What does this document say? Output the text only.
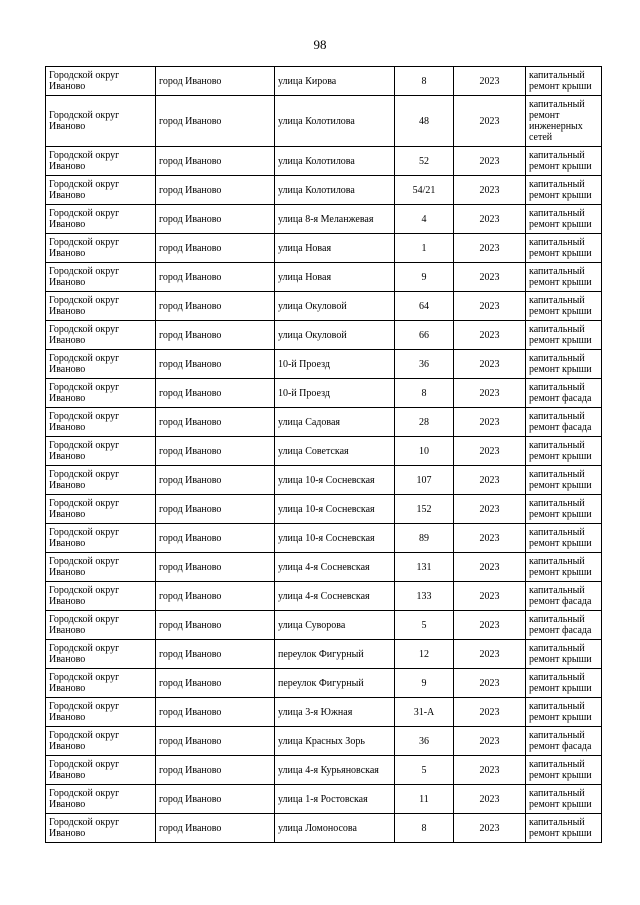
98
Городской округ Иваново	город Иваново	улица Кирова	8	2023	капитальный ремонт крыши
Городской округ Иваново	город Иваново	улица Колотилова	48	2023	капитальный ремонт инженерных сетей
Городской округ Иваново	город Иваново	улица Колотилова	52	2023	капитальный ремонт крыши
Городской округ Иваново	город Иваново	улица Колотилова	54/21	2023	капитальный ремонт крыши
Городской округ Иваново	город Иваново	улица 8-я Меланжевая	4	2023	капитальный ремонт крыши
Городской округ Иваново	город Иваново	улица Новая	1	2023	капитальный ремонт крыши
Городской округ Иваново	город Иваново	улица Новая	9	2023	капитальный ремонт крыши
Городской округ Иваново	город Иваново	улица Окуловой	64	2023	капитальный ремонт крыши
Городской округ Иваново	город Иваново	улица Окуловой	66	2023	капитальный ремонт крыши
Городской округ Иваново	город Иваново	10-й Проезд	36	2023	капитальный ремонт крыши
Городской округ Иваново	город Иваново	10-й Проезд	8	2023	капитальный ремонт фасада
Городской округ Иваново	город Иваново	улица Садовая	28	2023	капитальный ремонт фасада
Городской округ Иваново	город Иваново	улица Советская	10	2023	капитальный ремонт крыши
Городской округ Иваново	город Иваново	улица 10-я Сосневская	107	2023	капитальный ремонт крыши
Городской округ Иваново	город Иваново	улица 10-я Сосневская	152	2023	капитальный ремонт крыши
Городской округ Иваново	город Иваново	улица 10-я Сосневская	89	2023	капитальный ремонт крыши
Городской округ Иваново	город Иваново	улица 4-я Сосневская	131	2023	капитальный ремонт крыши
Городской округ Иваново	город Иваново	улица 4-я Сосневская	133	2023	капитальный ремонт фасада
Городской округ Иваново	город Иваново	улица Суворова	5	2023	капитальный ремонт фасада
Городской округ Иваново	город Иваново	переулок Фигурный	12	2023	капитальный ремонт крыши
Городской округ Иваново	город Иваново	переулок Фигурный	9	2023	капитальный ремонт крыши
Городской округ Иваново	город Иваново	улица 3-я Южная	31-А	2023	капитальный ремонт крыши
Городской округ Иваново	город Иваново	улица Красных Зорь	36	2023	капитальный ремонт фасада
Городской округ Иваново	город Иваново	улица 4-я Курьяновская	5	2023	капитальный ремонт крыши
Городской округ Иваново	город Иваново	улица 1-я Ростовская	11	2023	капитальный ремонт крыши
Городской округ Иваново	город Иваново	улица Ломоносова	8	2023	капитальный ремонт крыши
